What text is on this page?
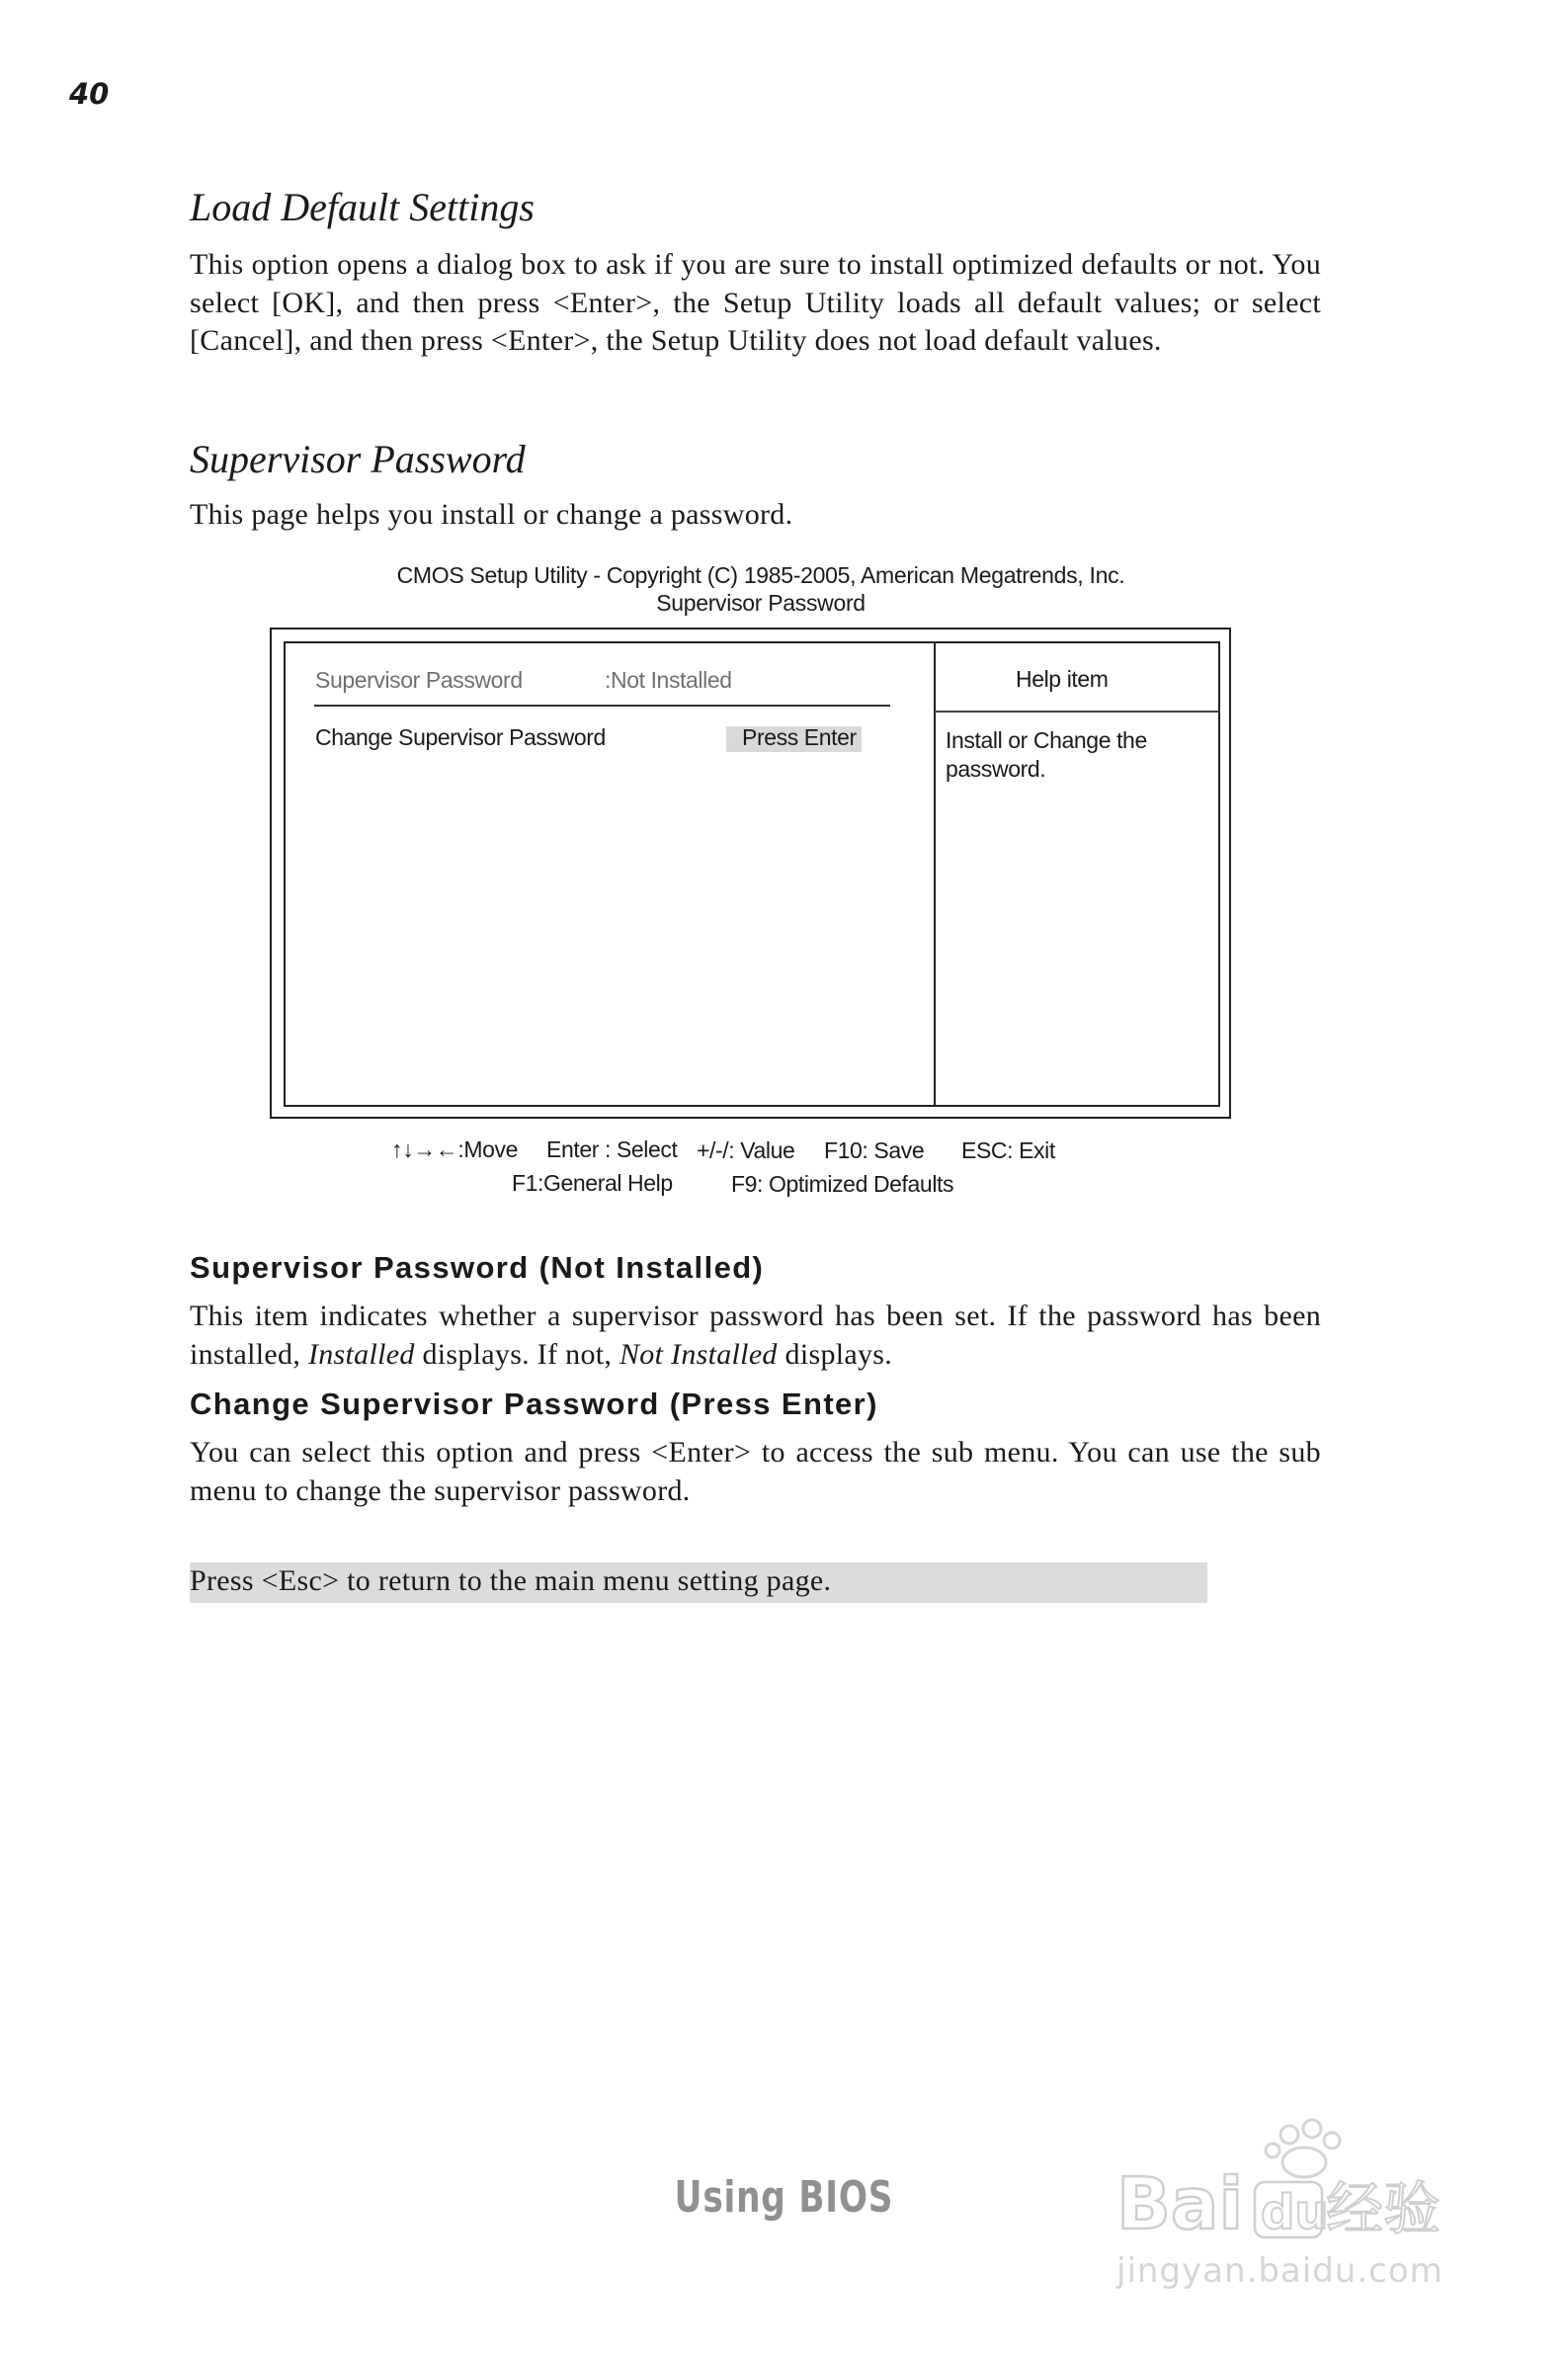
40
Load Default Settings
This option opens a dialog box to ask if you are sure to install optimized defaults or not. You select [OK], and then press <Enter>, the Setup Utility loads all default values; or select [Cancel], and then press <Enter>, the Setup Utility does not load default values.
Supervisor Password
This page helps you install or change a password.
CMOS Setup Utility - Copyright (C) 1985-2005, American Megatrends, Inc.
Supervisor Password
Supervisor Password	:Not Installed
Change Supervisor Password	Press Enter
Help item
Install or Change the
password.
↑↓→←:Move Enter : Select +/-/: Value F10: Save ESC: Exit
F1:General Help	F9: Optimized Defaults
Supervisor Password (Not Installed)
This item indicates whether a supervisor password has been set. If the password has been installed, Installed displays. If not, Not Installed displays.
Change Supervisor Password (Press Enter)
You can select this option and press <Enter> to access the sub menu. You can use the sub menu to change the supervisor password.
Press <Esc> to return to the main menu setting page.
Using BIOS	Bai du
经验
jingyan.baidu.com
